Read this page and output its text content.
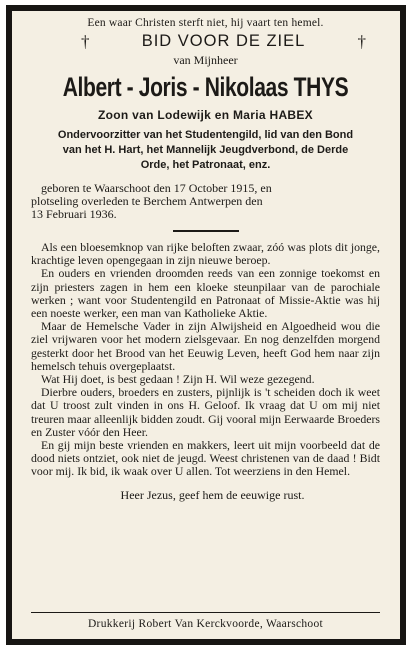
Een waar Christen sterft niet, hij vaart ten hemel.
†	BID VOOR DE ZIEL	†
van Mijnheer
Albert - Joris - Nikolaas THYS
Zoon van Lodewijk en Maria HABEX
Ondervoorzitter van het Studentengild, lid van den Bond
van het H. Hart, het Mannelijk Jeugdverbond, de Derde
Orde, het Patronaat, enz.
geboren te Waarschoot den 17 October 1915, en
plotseling overleden te Berchem Antwerpen den
13 Februari 1936.

Als een bloesemknop van rijke beloften zwaar, zóó was plots dit jonge, krachtige leven opengegaan in zijn nieuwe beroep.

En ouders en vrienden droomden reeds van een zonnige toekomst en zijn priesters zagen in hem een kloeke steunpilaar van de parochiale werken ; want voor Studentengild en Patronaat of Missie-Aktie was hij een noeste werker, een man van Katholieke Aktie.

Maar de Hemelsche Vader in zijn Alwijsheid en Algoedheid wou die ziel vrijwaren voor het modern zielsgevaar. En nog denzelfden morgend gesterkt door het Brood van het Eeuwig Leven, heeft God hem naar zijn hemelsch tehuis overgeplaatst.

Wat Hij doet, is best gedaan ! Zijn H. Wil weze gezegend.

Dierbre ouders, broeders en zusters, pijnlijk is 't scheiden doch ik weet dat U troost zult vinden in ons H. Geloof. Ik vraag dat U om mij niet treuren maar alleenlijk bidden zoudt. Gij vooral mijn Eerwaarde Broeders en Zuster vóór den Heer.

En gij mijn beste vrienden en makkers, leert uit mijn voorbeeld dat de dood niets ontziet, ook niet de jeugd. Weest christenen van de daad ! Bidt voor mij. Ik bid, ik waak over U allen. Tot weerziens in den Hemel.

Heer Jezus, geef hem de eeuwige rust.
Drukkerij Robert Van Kerckvoorde, Waarschoot
